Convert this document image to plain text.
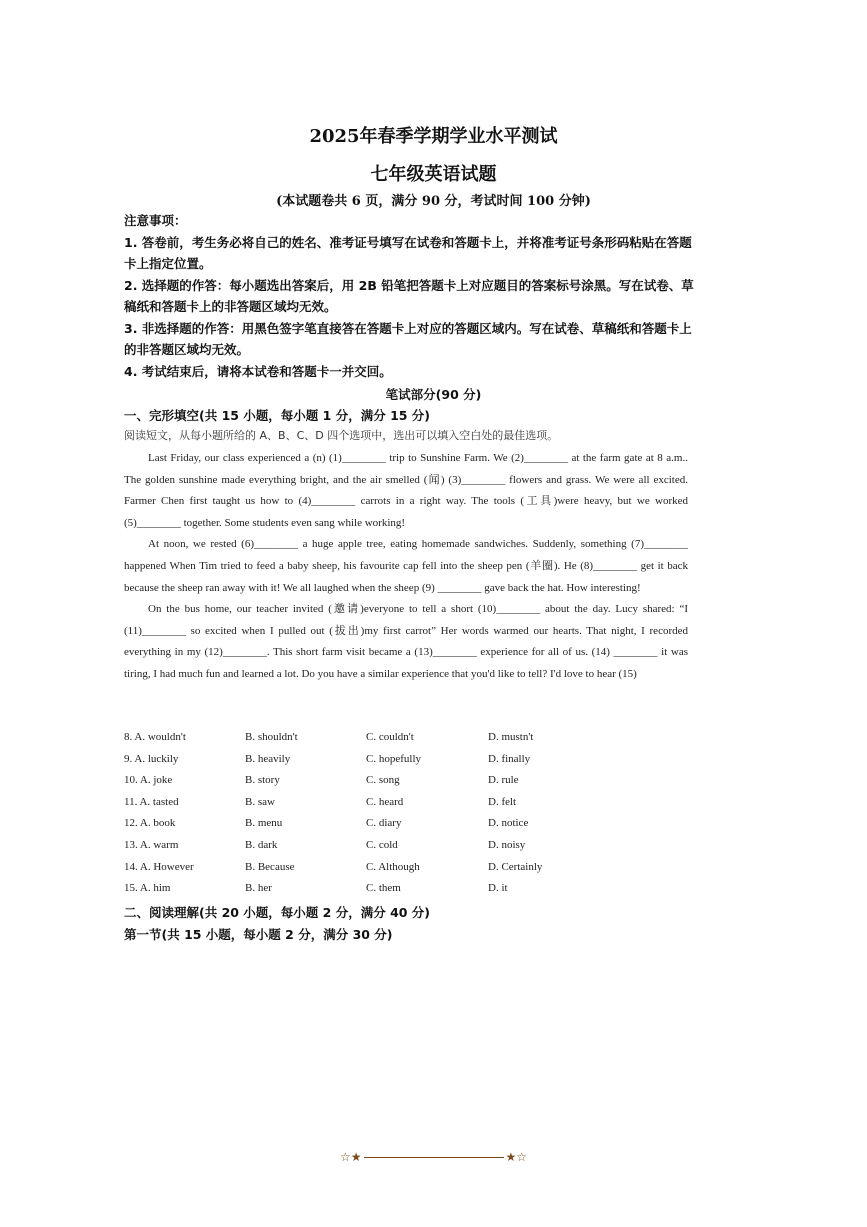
2025年春季学期学业水平测试
七年级英语试题
(本试题卷共 6 页，满分 90 分，考试时间 100 分钟)

注意事项：

1. 答卷前，考生务必将自己的姓名、准考证号填写在试卷和答题卡上，并将准考证号条形码粘贴在答题卡上指定位置。

2. 选择题的作答：每小题选出答案后，用 2B 铅笔把答题卡上对应题目的答案标号涂黑。写在试卷、草稿纸和答题卡上的非答题区域均无效。

3. 非选择题的作答：用黑色签字笔直接答在答题卡上对应的答题区域内。写在试卷、草稿纸和答题卡上的非答题区域均无效。

4. 考试结束后，请将本试卷和答题卡一并交回。

笔试部分(90 分)
一、完形填空(共 15 小题，每小题 1 分，满分 15 分)
阅读短文，从每小题所给的 A、B、C、D 四个选项中，选出可以填入空白处的最佳选项。

Last Friday, our class experienced a (n) (1)________ trip to Sunshine Farm. We (2)________ at the farm gate at 8 a.m.. The golden sunshine made everything bright, and the air smelled (闻) (3)________ flowers and grass. We were all excited. Farmer Chen first taught us how to (4)________ carrots in a right way. The tools (工具)were heavy, but we worked (5)________ together. Some students even sang while working!

At noon, we rested (6)________ a huge apple tree, eating homemade sandwiches. Suddenly, something (7)________ happened When Tim tried to feed a baby sheep, his favourite cap fell into the sheep pen (羊圈). He (8)________ get it back because the sheep ran away with it! We all laughed when the sheep (9) ________ gave back the hat. How interesting!

On the bus home, our teacher invited (邀请)everyone to tell a short (10)________ about the day. Lucy shared: “I (11)________ so excited when I pulled out (拔出)my first carrot” Her words warmed our hearts. That night, I recorded everything in my (12)________. This short farm visit became a (13)________ experience for all of us. (14) ________ it was tiring, I had much fun and learned a lot. Do you have a similar experience that you'd like to tell? I'd love to hear (15)

8. A. wouldn't	B. shouldn't	C. couldn't	D. mustn't
9. A. luckily	B. heavily	C. hopefully	D. finally
10. A. joke	B. story	C. song	D. rule
11. A. tasted	B. saw	C. heard	D. felt
12. A. book	B. menu	C. diary	D. notice
13. A. warm	B. dark	C. cold	D. noisy
14. A. However	B. Because	C. Although	D. Certainly
15. A. him	B. her	C. them	D. it
二、阅读理解(共 20 小题，每小题 2 分，满分 40 分)
第一节(共 15 小题，每小题 2 分，满分 30 分)
☆★	★☆
